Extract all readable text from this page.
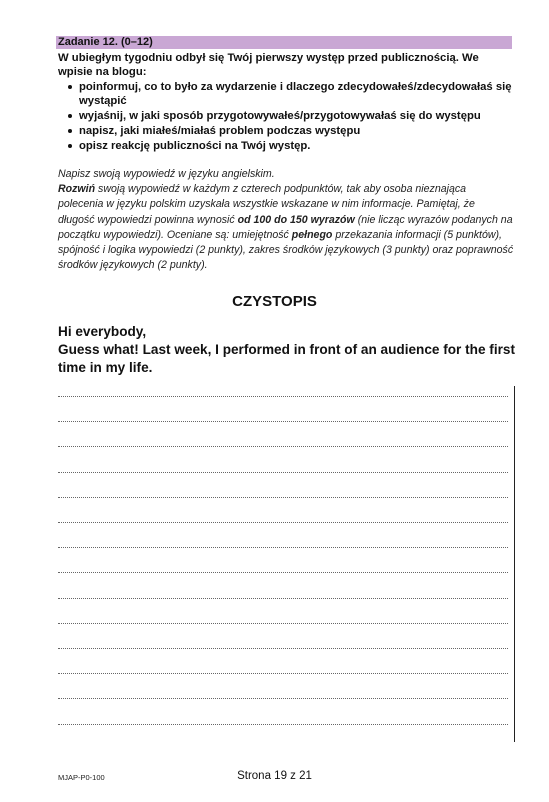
Zadanie 12. (0–12)
W ubiegłym tygodniu odbył się Twój pierwszy występ przed publicznością. We wpisie na blogu:
poinformuj, co to było za wydarzenie i dlaczego zdecydowałeś/zdecydowałaś się wystąpić
wyjaśnij, w jaki sposób przygotowywałeś/przygotowywałaś się do występu
napisz, jaki miałeś/miałaś problem podczas występu
opisz reakcję publiczności na Twój występ.

Napisz swoją wypowiedź w języku angielskim.

Rozwiń swoją wypowiedź w każdym z czterech podpunktów, tak aby osoba nieznająca polecenia w języku polskim uzyskała wszystkie wskazane w nim informacje. Pamiętaj, że długość wypowiedzi powinna wynosić od 100 do 150 wyrazów (nie licząc wyrazów podanych na początku wypowiedzi). Oceniane są: umiejętność pełnego przekazania informacji (5 punktów), spójność i logika wypowiedzi (2 punkty), zakres środków językowych (3 punkty) oraz poprawność środków językowych (2 punkty).

CZYSTOPIS
Hi everybody,
Guess what! Last week, I performed in front of an audience for the first time in my life.
MJAP-P0-100	Strona 19 z 21
